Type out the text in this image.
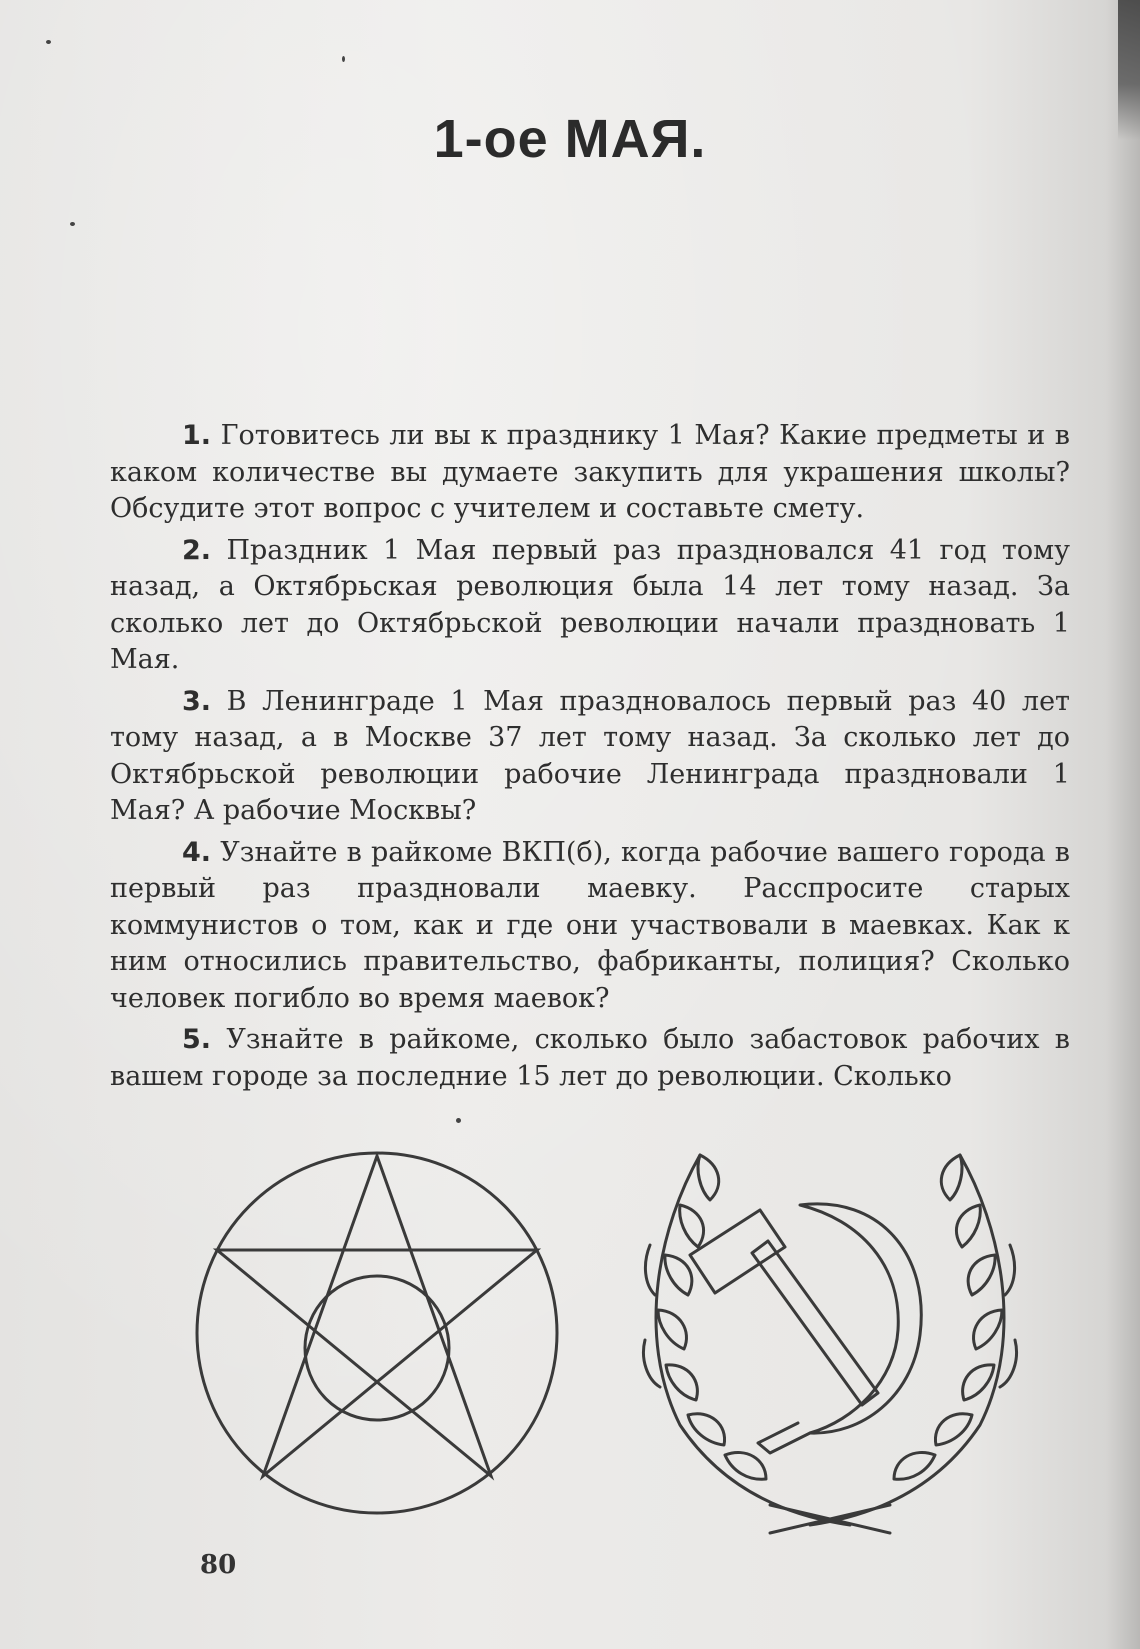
1-ое МАЯ.

1. Готовитесь ли вы к празднику 1 Мая? Какие предметы и в каком количестве вы думаете закупить для украшения школы? Обсудите этот вопрос с учителем и составьте смету.

2. Праздник 1 Мая первый раз праздновался 41 год тому назад, а Октябрьская революция была 14 лет тому назад. За сколько лет до Октябрьской революции начали праздновать 1 Мая.

3. В Ленинграде 1 Мая праздновалось первый раз 40 лет тому назад, а в Москве 37 лет тому назад. За сколько лет до Октябрьской революции рабочие Ленинграда праздновали 1 Мая? А рабочие Москвы?

4. Узнайте в райкоме ВКП(б), когда рабочие вашего города в первый раз праздновали маевку. Расспросите старых коммунистов о том, как и где они участвовали в маевках. Как к ним относились правительство, фабриканты, полиция? Сколько человек погибло во время маевок?

5. Узнайте в райкоме, сколько было забастовок рабочих в вашем городе за последние 15 лет до революции. Сколько

80
